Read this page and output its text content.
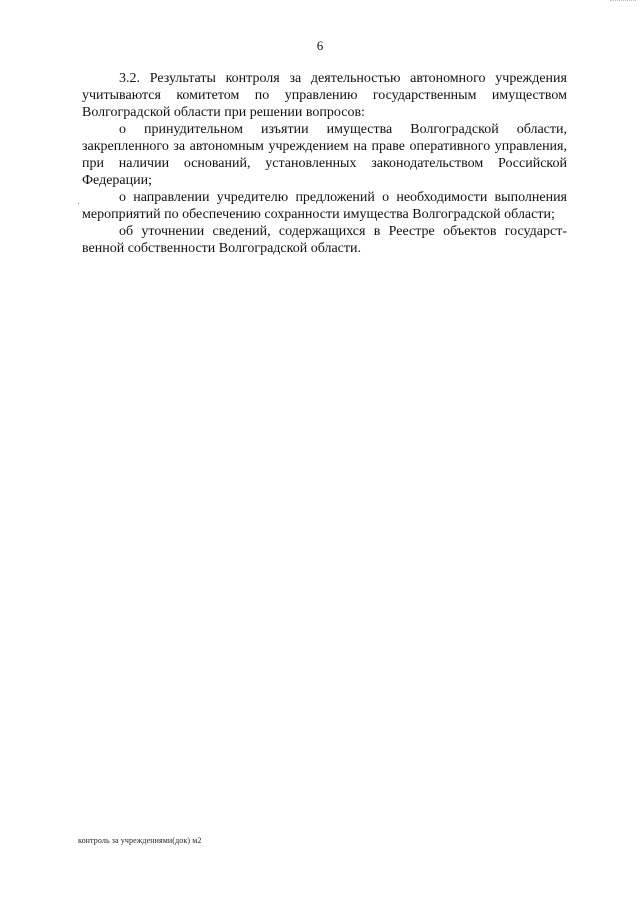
6

3.2. Результаты контроля за деятельностью автономного учреждения учитываются комитетом по управлению государственным имуществом Волгоградской области при решении вопросов:

о принудительном изъятии имущества Волгоградской области, закрепленного за автономным учреждением на праве оперативного управления, при наличии оснований, установленных законодательством Российской Федерации;

о направлении учредителю предложений о необходимости выполнения мероприятий по обеспечению сохранности имущества Волгоградской области;

об уточнении сведений, содержащихся в Реестре объектов государственной собственности Волгоградской области.

контроль за учреждениями(док) м2
